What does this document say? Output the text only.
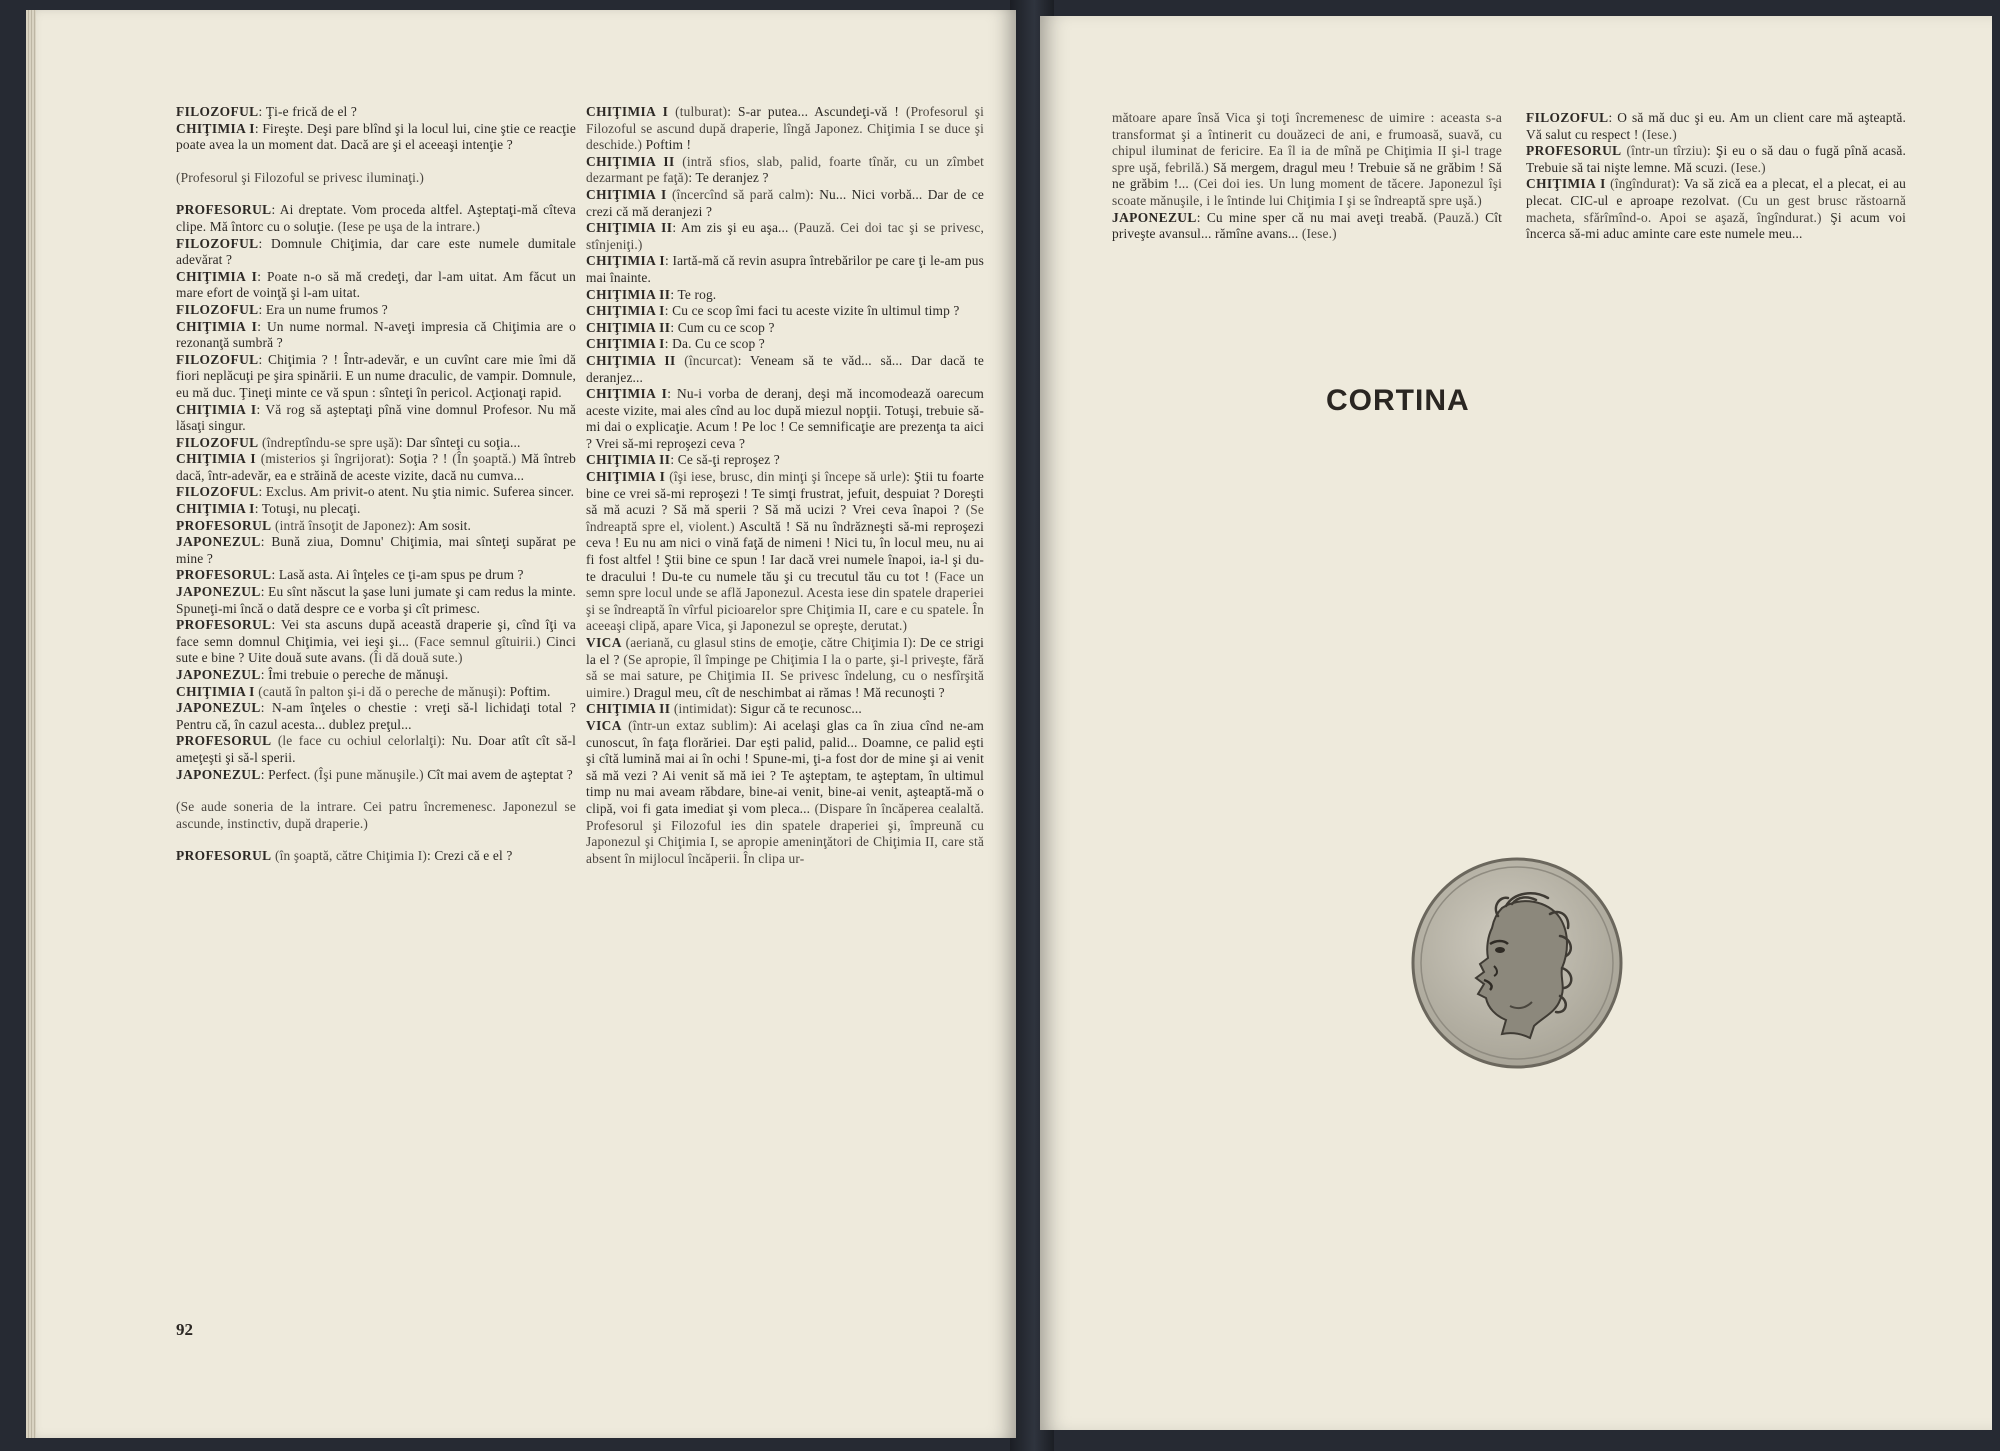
FILOZOFUL: Ţi-e frică de el ?

CHIŢIMIA I: Fireşte. Deşi pare blînd şi la locul lui, cine ştie ce reacţie poate avea la un moment dat. Dacă are şi el aceeaşi intenţie ?

(Profesorul şi Filozoful se privesc iluminaţi.)

PROFESORUL: Ai dreptate. Vom proceda altfel. Aşteptaţi-mă cîteva clipe. Mă întorc cu o soluţie. (Iese pe uşa de la intrare.)

FILOZOFUL: Domnule Chiţimia, dar care este numele dumitale adevărat ?

CHIŢIMIA I: Poate n-o să mă credeţi, dar l-am uitat. Am făcut un mare efort de voinţă şi l-am uitat.

FILOZOFUL: Era un nume frumos ?

CHIŢIMIA I: Un nume normal. N-aveţi impresia că Chiţimia are o rezonanţă sumbră ?

FILOZOFUL: Chiţimia ? ! Într-adevăr, e un cuvînt care mie îmi dă fiori neplăcuţi pe şira spinării. E un nume draculic, de vampir. Domnule, eu mă duc. Ţineţi minte ce vă spun : sînteţi în pericol. Acţionaţi rapid.

CHIŢIMIA I: Vă rog să aşteptaţi pînă vine domnul Profesor. Nu mă lăsaţi singur.

FILOZOFUL (îndreptîndu-se spre uşă): Dar sînteţi cu soţia...

CHIŢIMIA I (misterios şi îngrijorat): Soţia ? ! (În şoaptă.) Mă întreb dacă, într-adevăr, ea e străină de aceste vizite, dacă nu cumva...

FILOZOFUL: Exclus. Am privit-o atent. Nu ştia nimic. Suferea sincer.

CHIŢIMIA I: Totuşi, nu plecaţi.

PROFESORUL (intră însoţit de Japonez): Am sosit.

JAPONEZUL: Bună ziua, Domnu' Chiţimia, mai sînteţi supărat pe mine ?

PROFESORUL: Lasă asta. Ai înţeles ce ţi-am spus pe drum ?

JAPONEZUL: Eu sînt născut la şase luni jumate şi cam redus la minte. Spuneţi-mi încă o dată despre ce e vorba şi cît primesc.

PROFESORUL: Vei sta ascuns după această draperie şi, cînd îţi va face semn domnul Chiţimia, vei ieşi şi... (Face semnul gîtuirii.) Cinci sute e bine ? Uite două sute avans. (Îi dă două sute.)

JAPONEZUL: Îmi trebuie o pereche de mănuşi.

CHIŢIMIA I (caută în palton şi-i dă o pereche de mănuşi): Poftim.

JAPONEZUL: N-am înţeles o chestie : vreţi să-l lichidaţi total ? Pentru că, în cazul acesta... dublez preţul...

PROFESORUL (le face cu ochiul celorlalţi): Nu. Doar atît cît să-l ameţeşti şi să-l sperii.

JAPONEZUL: Perfect. (Îşi pune mănuşile.) Cît mai avem de aşteptat ?

(Se aude soneria de la intrare. Cei patru încremenesc. Japonezul se ascunde, instinctiv, după draperie.)

PROFESORUL (în şoaptă, către Chiţimia I): Crezi că e el ?

CHIŢIMIA I (tulburat): S-ar putea... Ascundeţi-vă ! (Profesorul şi Filozoful se ascund după draperie, lîngă Japonez. Chiţimia I se duce şi deschide.) Poftim !

CHIŢIMIA II (intră sfios, slab, palid, foarte tînăr, cu un zîmbet dezarmant pe faţă): Te deranjez ?

CHIŢIMIA I (încercînd să pară calm): Nu... Nici vorbă... Dar de ce crezi că mă deranjezi ?

CHIŢIMIA II: Am zis şi eu aşa... (Pauză. Cei doi tac şi se privesc, stînjeniţi.)

CHIŢIMIA I: Iartă-mă că revin asupra întrebărilor pe care ţi le-am pus mai înainte.

CHIŢIMIA II: Te rog.

CHIŢIMIA I: Cu ce scop îmi faci tu aceste vizite în ultimul timp ?

CHIŢIMIA II: Cum cu ce scop ?

CHIŢIMIA I: Da. Cu ce scop ?

CHIŢIMIA II (încurcat): Veneam să te văd... să... Dar dacă te deranjez...

CHIŢIMIA I: Nu-i vorba de deranj, deşi mă incomodează oarecum aceste vizite, mai ales cînd au loc după miezul nopţii. Totuşi, trebuie să-mi dai o explicaţie. Acum ! Pe loc ! Ce semnificaţie are prezenţa ta aici ? Vrei să-mi reproşezi ceva ?

CHIŢIMIA II: Ce să-ţi reproşez ?

CHIŢIMIA I (îşi iese, brusc, din minţi şi începe să urle): Ştii tu foarte bine ce vrei să-mi reproşezi ! Te simţi frustrat, jefuit, despuiat ? Doreşti să mă acuzi ? Să mă sperii ? Să mă ucizi ? Vrei ceva înapoi ? (Se îndreaptă spre el, violent.) Ascultă ! Să nu îndrăzneşti să-mi reproşezi ceva ! Eu nu am nici o vină faţă de nimeni ! Nici tu, în locul meu, nu ai fi fost altfel ! Ştii bine ce spun ! Iar dacă vrei numele înapoi, ia-l şi du-te dracului ! Du-te cu numele tău şi cu trecutul tău cu tot ! (Face un semn spre locul unde se află Japonezul. Acesta iese din spatele draperiei şi se îndreaptă în vîrful picioarelor spre Chiţimia II, care e cu spatele. În aceeaşi clipă, apare Vica, şi Japonezul se opreşte, derutat.)

VICA (aeriană, cu glasul stins de emoţie, către Chiţimia I): De ce strigi la el ? (Se apropie, îl împinge pe Chiţimia I la o parte, şi-l priveşte, fără să se mai sature, pe Chiţimia II. Se privesc îndelung, cu o nesfîrşită uimire.) Dragul meu, cît de neschimbat ai rămas ! Mă recunoşti ?

CHIŢIMIA II (intimidat): Sigur că te recunosc...

VICA (într-un extaz sublim): Ai acelaşi glas ca în ziua cînd ne-am cunoscut, în faţa florăriei. Dar eşti palid, palid... Doamne, ce palid eşti şi cîtă lumină mai ai în ochi ! Spune-mi, ţi-a fost dor de mine şi ai venit să mă vezi ? Ai venit să mă iei ? Te aşteptam, te aşteptam, în ultimul timp nu mai aveam răbdare, bine-ai venit, bine-ai venit, aşteaptă-mă o clipă, voi fi gata imediat şi vom pleca... (Dispare în încăperea cealaltă. Profesorul şi Filozoful ies din spatele draperiei şi, împreună cu Japonezul şi Chiţimia I, se apropie ameninţători de Chiţimia II, care stă absent în mijlocul încăperii. În clipa ur-

92

mătoare apare însă Vica şi toţi încremenesc de uimire : aceasta s-a transformat şi a întinerit cu douăzeci de ani, e frumoasă, suavă, cu chipul iluminat de fericire. Ea îl ia de mînă pe Chiţimia II şi-l trage spre uşă, febrilă.) Să mergem, dragul meu ! Trebuie să ne grăbim ! Să ne grăbim !... (Cei doi ies. Un lung moment de tăcere. Japonezul îşi scoate mănuşile, i le întinde lui Chiţimia I şi se îndreaptă spre uşă.)

JAPONEZUL: Cu mine sper că nu mai aveţi treabă. (Pauză.) Cît priveşte avansul... rămîne avans... (Iese.)

FILOZOFUL: O să mă duc şi eu. Am un client care mă aşteaptă. Vă salut cu respect ! (Iese.)

PROFESORUL (într-un tîrziu): Şi eu o să dau o fugă pînă acasă. Trebuie să tai nişte lemne. Mă scuzi. (Iese.)

CHIŢIMIA I (îngîndurat): Va să zică ea a plecat, el a plecat, ei au plecat. CIC-ul e aproape rezolvat. (Cu un gest brusc răstoarnă macheta, sfărîmînd-o. Apoi se aşază, îngîndurat.) Şi acum voi încerca să-mi aduc aminte care este numele meu...

CORTINA
